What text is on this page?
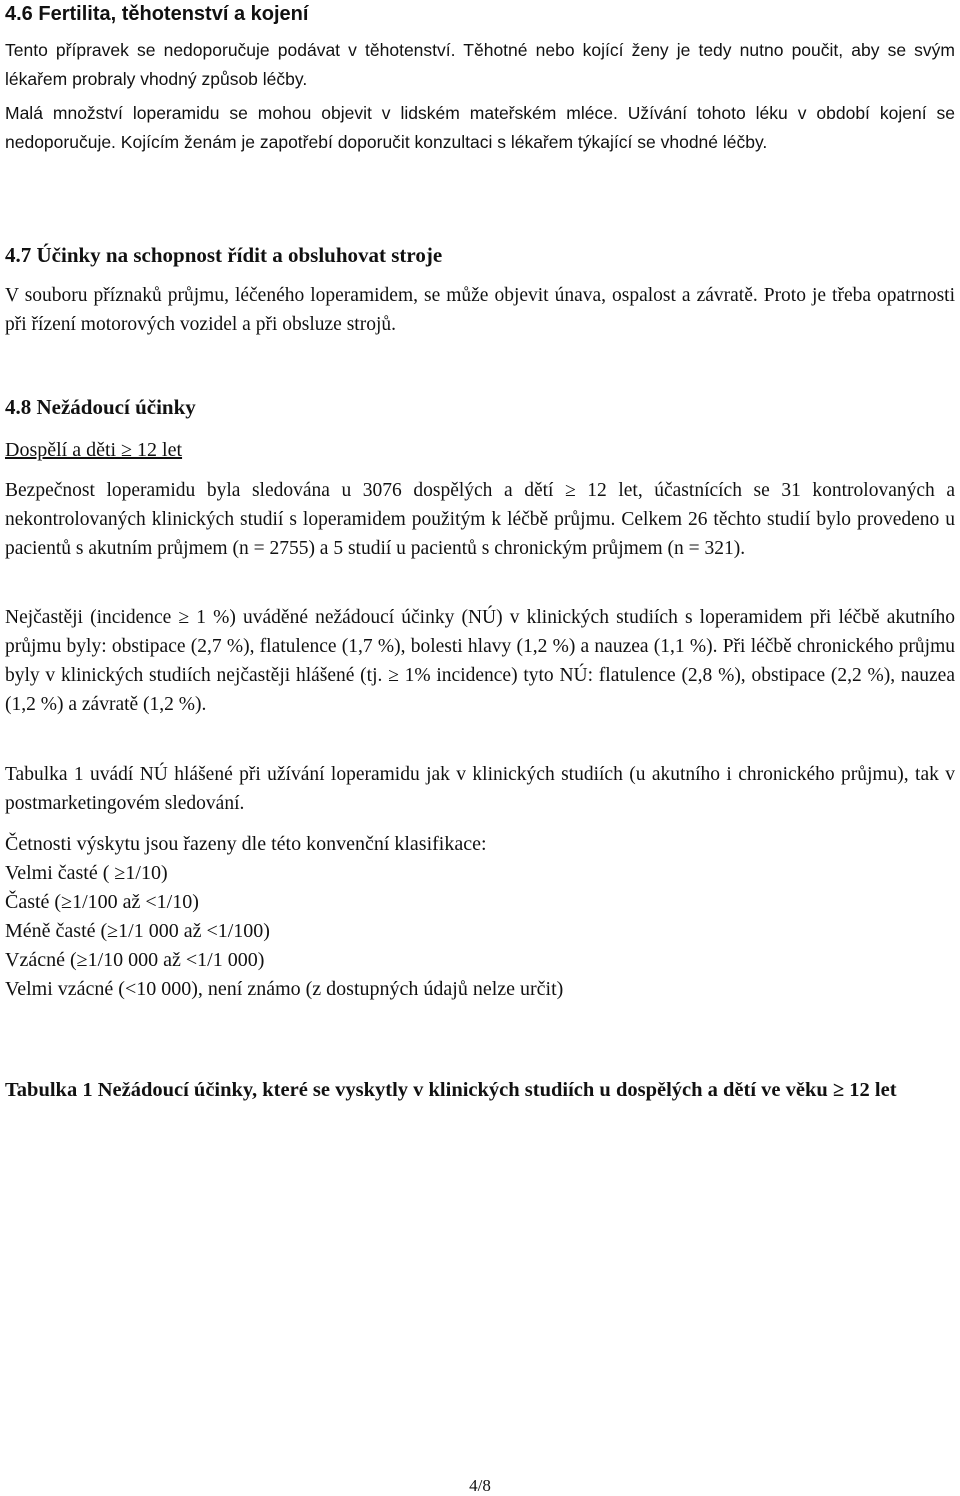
4.6 Fertilita, těhotenství a kojení

Tento přípravek se nedoporučuje podávat v těhotenství. Těhotné nebo kojící ženy je tedy nutno poučit, aby se svým lékařem probraly vhodný způsob léčby.

Malá množství loperamidu se mohou objevit v lidském mateřském mléce. Užívání tohoto léku v období kojení se nedoporučuje. Kojícím ženám je zapotřebí doporučit konzultaci s lékařem týkající se vhodné léčby.

4.7 Účinky na schopnost řídit a obsluhovat stroje

V souboru příznaků průjmu, léčeného loperamidem, se může objevit únava, ospalost a závratě. Proto je třeba opatrnosti při řízení motorových vozidel a při obsluze strojů.

4.8 Nežádoucí účinky
Dospělí a děti ≥ 12 let

Bezpečnost loperamidu byla sledována u 3076 dospělých a dětí ≥ 12 let, účastnících se 31 kontrolovaných a nekontrolovaných klinických studií s loperamidem použitým k léčbě průjmu. Celkem 26 těchto studií bylo provedeno u pacientů s akutním průjmem (n = 2755) a 5 studií u pacientů s chronickým průjmem (n = 321).

Nejčastěji (incidence ≥ 1 %) uváděné nežádoucí účinky (NÚ) v klinických studiích s loperamidem při léčbě akutního průjmu byly: obstipace (2,7 %), flatulence (1,7 %), bolesti hlavy (1,2 %) a nauzea (1,1 %). Při léčbě chronického průjmu byly v klinických studiích nejčastěji hlášené (tj. ≥ 1% incidence) tyto NÚ: flatulence (2,8 %), obstipace (2,2 %), nauzea (1,2 %) a závratě (1,2 %).

Tabulka 1 uvádí NÚ hlášené při užívání loperamidu jak v klinických studiích (u akutního i chronického průjmu), tak v postmarketingovém sledování.

Četnosti výskytu jsou řazeny dle této konvenční klasifikace:
Velmi časté ( ≥1/10)
Časté (≥1/100 až <1/10)
Méně časté (≥1/1 000 až <1/100)
Vzácné (≥1/10 000 až <1/1 000)
Velmi vzácné (<10 000), není známo (z dostupných údajů nelze určit)

Tabulka 1 Nežádoucí účinky, které se vyskytly v klinických studiích u dospělých a dětí ve věku ≥ 12 let

4/8
